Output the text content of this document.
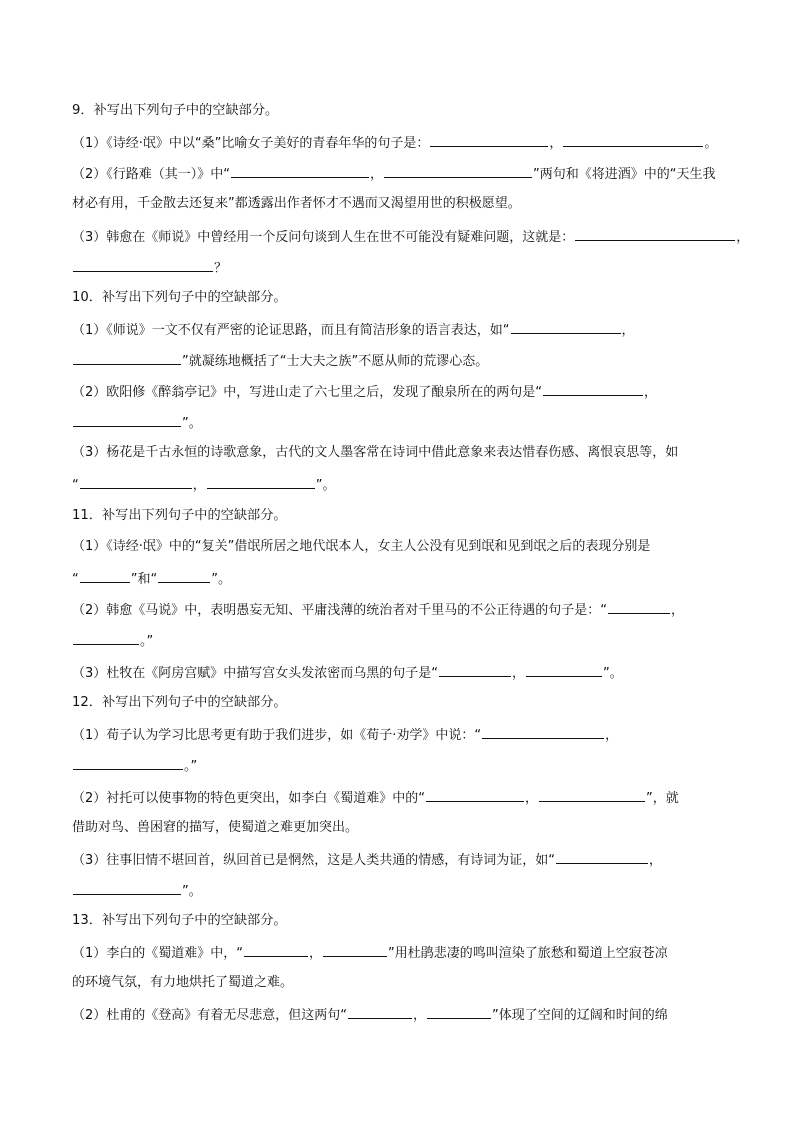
9．补写出下列句子中的空缺部分。
（1）《诗经·氓》中以“桑”比喻女子美好的青春年华的句子是：	，	。
（2）《行路难（其一）》中“	，	”两句和《将进酒》中的“天生我
材必有用，千金散去还复来”都透露出作者怀才不遇而又渴望用世的积极愿望。
（3）韩愈在《师说》中曾经用一个反问句谈到人生在世不可能没有疑难问题，这就是：	，
？
10．补写出下列句子中的空缺部分。
（1）《师说》一文不仅有严密的论证思路，而且有简洁形象的语言表达，如“	，
”就凝练地概括了“士大夫之族”不愿从师的荒谬心态。
（2）欧阳修《醉翁亭记》中，写进山走了六七里之后，发现了酿泉所在的两句是“	，
”。
（3）杨花是千古永恒的诗歌意象，古代的文人墨客常在诗词中借此意象来表达惜春伤感、离恨哀思等，如
“	，	”。
11．补写出下列句子中的空缺部分。
（1）《诗经·氓》中的“复关”借氓所居之地代氓本人，女主人公没有见到氓和见到氓之后的表现分别是
“	”和“	”。
（2）韩愈《马说》中，表明愚妄无知、平庸浅薄的统治者对千里马的不公正待遇的句子是：“	，
。”
（3）杜牧在《阿房宫赋》中描写宫女头发浓密而乌黑的句子是“	，	”。
12．补写出下列句子中的空缺部分。
（1）荀子认为学习比思考更有助于我们进步，如《荀子·劝学》中说：“	，
。”
（2）衬托可以使事物的特色更突出，如李白《蜀道难》中的“	，	”，就
借助对鸟、兽困窘的描写，使蜀道之难更加突出。
（3）往事旧情不堪回首，纵回首已是惘然，这是人类共通的情感，有诗词为证，如“	，
”。
13．补写出下列句子中的空缺部分。
（1）李白的《蜀道难》中，“	，	”用杜鹃悲凄的鸣叫渲染了旅愁和蜀道上空寂苍凉
的环境气氛，有力地烘托了蜀道之难。
（2）杜甫的《登高》有着无尽悲意，但这两句“	，	”体现了空间的辽阔和时间的绵
